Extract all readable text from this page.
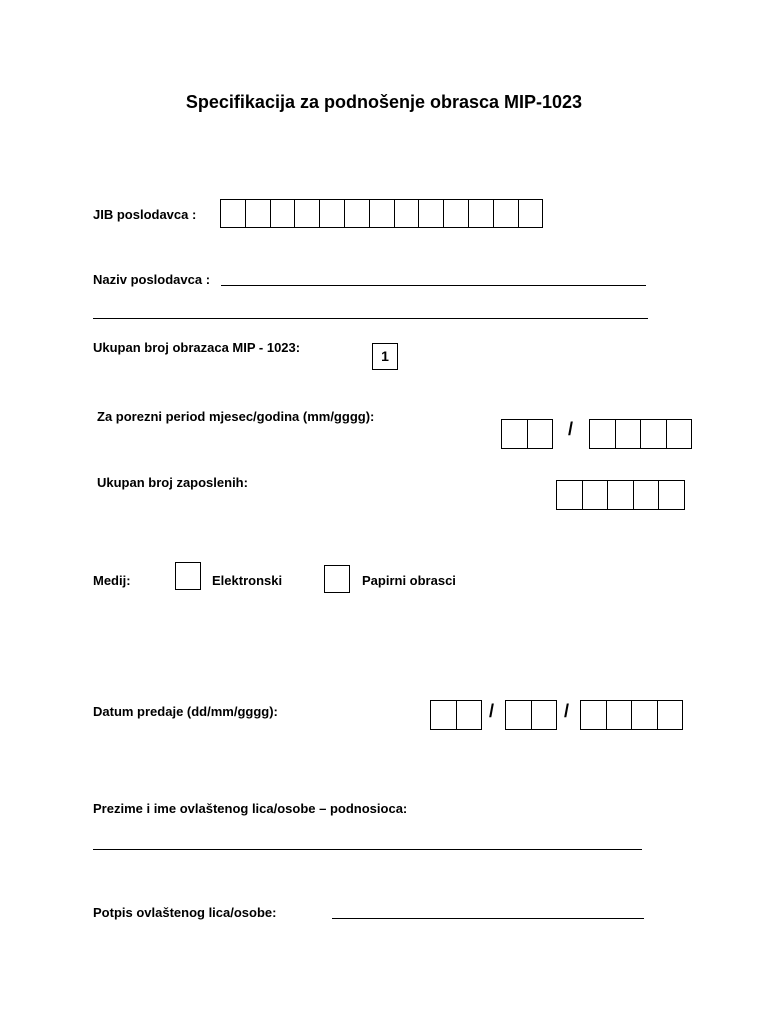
Specifikacija za podnošenje obrasca MIP-1023
JIB poslodavca :
Naziv poslodavca :
Ukupan broj obrazaca MIP - 1023:
1
Za porezni period mjesec/godina (mm/gggg):
/
Ukupan broj zaposlenih:
Medij:	Elektronski	Papirni obrasci
Datum predaje (dd/mm/gggg):	/	/
Prezime i ime ovlaštenog lica/osobe – podnosioca:
Potpis ovlaštenog lica/osobe:
